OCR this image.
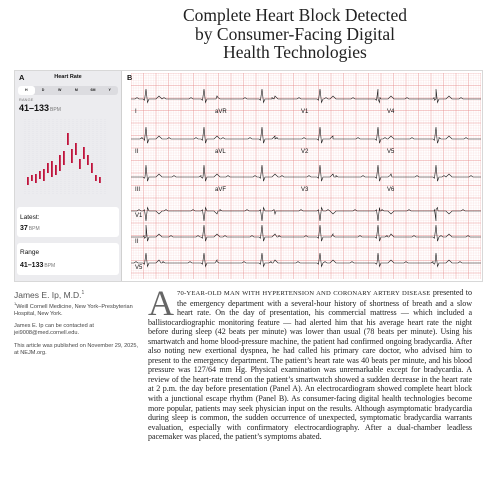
Complete Heart Block Detected
by Consumer-Facing Digital
Health Technologies
A	Heart Rate
H	D	W	M	6M	Y
RANGE
41–133BPM
Latest:
37BPM
Range
41–133BPM
B
I	aVR	V1	V4
II	aVL	V2	V5
III	aVF	V3	V6
V1
II
V5
James E. Ip, M.D.$^1$
$^1$Weill Cornell Medicine, New York–Presbyterian Hospital, New York.
James E. Ip can be contacted at jei9008@med.cornell.edu.
This article was published on November 29, 2025, at NEJM.org.
A 70-YEAR-OLD MAN WITH HYPERTENSION AND CORONARY ARTERY DISEASE presented to the emergency department with a several-hour history of shortness of breath and a slow heart rate. On the day of presentation, his commercial mattress — which included a ballistocardiographic monitoring feature — had alerted him that his average heart rate the night before during sleep (42 beats per minute) was lower than usual (78 beats per minute). Using his smartwatch and home blood-pressure machine, the patient had confirmed ongoing bradycardia. After also noting new exertional dyspnea, he had called his primary care doctor, who advised him to present to the emergency department. The patient’s heart rate was 40 beats per minute, and his blood pressure was 127/64 mm Hg. Physical examination was unremarkable except for bradycardia. A review of the heart-rate trend on the patient’s smartwatch showed a sudden decrease in the heart rate at 2 p.m. the day before presentation (Panel A). An electrocardiogram showed complete heart block with a junctional escape rhythm (Panel B). As consumer-facing digital health technologies become more popular, patients may seek physician input on the results. Although asymptomatic bradycardia during sleep is common, the sudden occurrence of unexpected, symptomatic bradycardia warrants evaluation, especially with confirmatory electrocardiography. After a dual-chamber leadless pacemaker was placed, the patient’s symptoms abated.
